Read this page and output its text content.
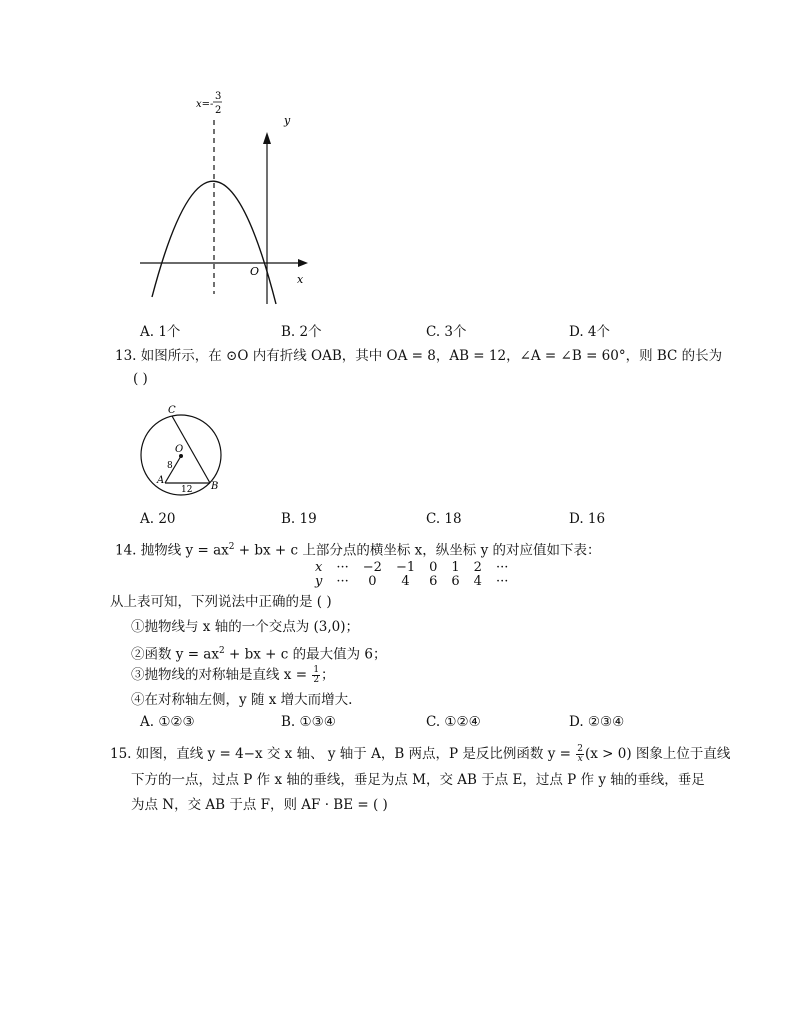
x=-
3
2
y
x
O
A. 1个	B. 2个	C. 3个	D. 4个
13. 如图所示，在 ⊙O 内有折线 OAB，其中 OA = 8，AB = 12，∠A = ∠B = 60°，则 BC 的长为
( )
C
O
A
B
8
12
A. 20	B. 19	C. 18	D. 16
14. 抛物线 $y = ax^2$ + bx + c 上部分点的横坐标 x，纵坐标 y 的对应值如下表：
x	···	−2	−1	0	1	2	···
y	···	0	4	6	6	4	···
从上表可知，下列说法中正确的是 ( )
①抛物线与 x 轴的一个交点为 (3,0)；
②函数 $y = ax^2$ + bx + c 的最大值为 6；
③抛物线的对称轴是直线 $x = \frac{1}{2}$ ；
④在对称轴左侧，y 随 x 增大而增大.
A. ①②③	B. ①③④	C. ①②④	D. ②③④
15. 如图，直线 y = 4−x 交 x 轴、 y 轴于 A，B 两点，P 是反比例函数 $y = \frac{2}{x} (x > 0)$ 图象上位于直线
下方的一点，过点 P 作 x 轴的垂线，垂足为点 M，交 AB 于点 E，过点 P 作 y 轴的垂线，垂足
为点 N，交 AB 于点 F，则 AF · BE = ( )
